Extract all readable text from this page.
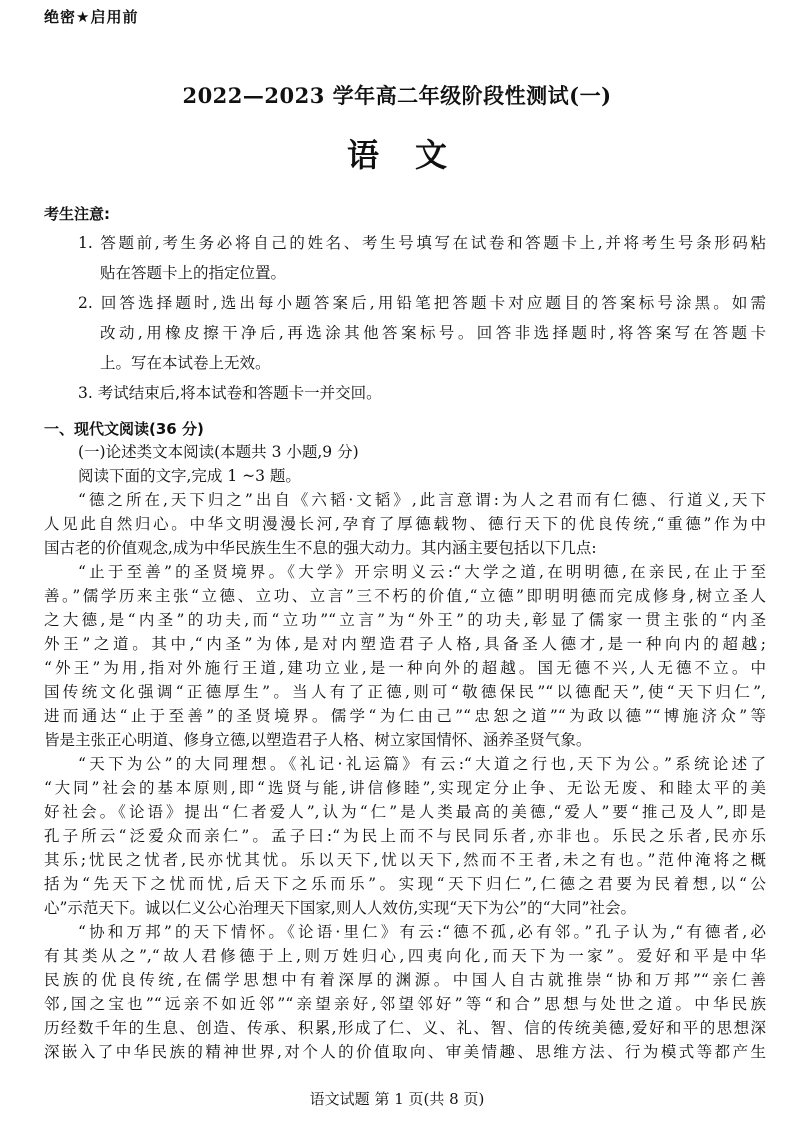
绝密★启用前
2022—2023 学年高二年级阶段性测试(一)
语文
考生注意:
1. 答题前,考生务必将自己的姓名、考生号填写在试卷和答题卡上,并将考生号条形码粘
贴在答题卡上的指定位置。
2. 回答选择题时,选出每小题答案后,用铅笔把答题卡对应题目的答案标号涂黑。如需
改动,用橡皮擦干净后,再选涂其他答案标号。回答非选择题时,将答案写在答题卡
上。写在本试卷上无效。
3. 考试结束后,将本试卷和答题卡一并交回。
一、现代文阅读(36 分)
(一)论述类文本阅读(本题共 3 小题,9 分)
阅读下面的文字,完成 1 ~3 题。
“德之所在,天下归之”出自《六韬·文韬》,此言意谓:为人之君而有仁德、行道义,天下
人见此自然归心。中华文明漫漫长河,孕育了厚德载物、德行天下的优良传统,“重德”作为中
国古老的价值观念,成为中华民族生生不息的强大动力。其内涵主要包括以下几点:
“止于至善”的圣贤境界。《大学》开宗明义云:“大学之道,在明明德,在亲民,在止于至
善。”儒学历来主张“立德、立功、立言”三不朽的价值,“立德”即明明德而完成修身,树立圣人
之大德,是“内圣”的功夫,而“立功”“立言”为“外王”的功夫,彰显了儒家一贯主张的“内圣
外王”之道。其中,“内圣”为体,是对内塑造君子人格,具备圣人德才,是一种向内的超越;
“外王”为用,指对外施行王道,建功立业,是一种向外的超越。国无德不兴,人无德不立。中
国传统文化强调“正德厚生”。当人有了正德,则可“敬德保民”“以德配天”,使“天下归仁”,
进而通达“止于至善”的圣贤境界。儒学“为仁由己”“忠恕之道”“为政以德”“博施济众”等
皆是主张正心明道、修身立德,以塑造君子人格、树立家国情怀、涵养圣贤气象。
“天下为公”的大同理想。《礼记·礼运篇》有云:“大道之行也,天下为公。”系统论述了
“大同”社会的基本原则,即“选贤与能,讲信修睦”,实现定分止争、无讼无废、和睦太平的美
好社会。《论语》提出“仁者爱人”,认为“仁”是人类最高的美德,“爱人”要“推己及人”,即是
孔子所云“泛爱众而亲仁”。孟子曰:“为民上而不与民同乐者,亦非也。乐民之乐者,民亦乐
其乐;忧民之忧者,民亦忧其忧。乐以天下,忧以天下,然而不王者,未之有也。”范仲淹将之概
括为“先天下之忧而忧,后天下之乐而乐”。实现“天下归仁”,仁德之君要为民着想,以“公
心”示范天下。诚以仁义公心治理天下国家,则人人效仿,实现“天下为公”的“大同”社会。
“协和万邦”的天下情怀。《论语·里仁》有云:“德不孤,必有邻。”孔子认为,“有德者,必
有其类从之”,“故人君修德于上,则万姓归心,四夷向化,而天下为一家”。爱好和平是中华
民族的优良传统,在儒学思想中有着深厚的渊源。中国人自古就推崇“协和万邦”“亲仁善
邻,国之宝也”“远亲不如近邻”“亲望亲好,邻望邻好”等“和合”思想与处世之道。中华民族
历经数千年的生息、创造、传承、积累,形成了仁、义、礼、智、信的传统美德,爱好和平的思想深
深嵌入了中华民族的精神世界,对个人的价值取向、审美情趣、思维方法、行为模式等都产生
语文试题 第 1 页(共 8 页)
